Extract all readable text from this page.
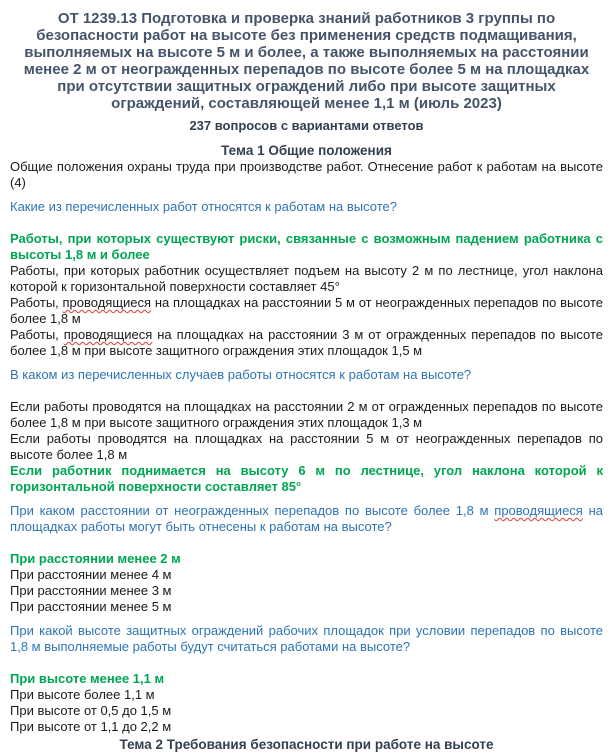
ОТ 1239.13 Подготовка и проверка знаний работников 3 группы по безопасности работ на высоте без применения средств подмащивания, выполняемых на высоте 5 м и более, а также выполняемых на расстоянии менее 2 м от неогражденных перепадов по высоте более 5 м на площадках при отсутствии защитных ограждений либо при высоте защитных ограждений, составляющей менее 1,1 м (июль 2023)
237 вопросов с вариантами ответов
Тема 1 Общие положения
Общие положения охраны труда при производстве работ. Отнесение работ к работам на высоте (4)
Какие из перечисленных работ относятся к работам на высоте?
Работы, при которых существуют риски, связанные с возможным падением работника с высоты 1,8 м и более
Работы, при которых работник осуществляет подъем на высоту 2 м по лестнице, угол наклона которой к горизонтальной поверхности составляет 45°
Работы, проводящиеся на площадках на расстоянии 5 м от неогражденных перепадов по высоте более 1,8 м
Работы, проводящиеся на площадках на расстоянии 3 м от огражденных перепадов по высоте более 1,8 м при высоте защитного ограждения этих площадок 1,5 м
В каком из перечисленных случаев работы относятся к работам на высоте?
Если работы проводятся на площадках на расстоянии 2 м от огражденных перепадов по высоте более 1,8 м при высоте защитного ограждения этих площадок 1,3 м
Если работы проводятся на площадках на расстоянии 5 м от неогражденных перепадов по высоте более 1,8 м
Если работник поднимается на высоту 6 м по лестнице, угол наклона которой к горизонтальной поверхности составляет 85°
При каком расстоянии от неогражденных перепадов по высоте более 1,8 м проводящиеся на площадках работы могут быть отнесены к работам на высоте?
При расстоянии менее 2 м
При расстоянии менее 4 м
При расстоянии менее 3 м
При расстоянии менее 5 м
При какой высоте защитных ограждений рабочих площадок при условии перепадов по высоте 1,8 м выполняемые работы будут считаться работами на высоте?
При высоте менее 1,1 м
При высоте более 1,1 м
При высоте от 0,5 до 1,5 м
При высоте от 1,1 до 2,2 м
Тема 2 Требования безопасности при работе на высоте
